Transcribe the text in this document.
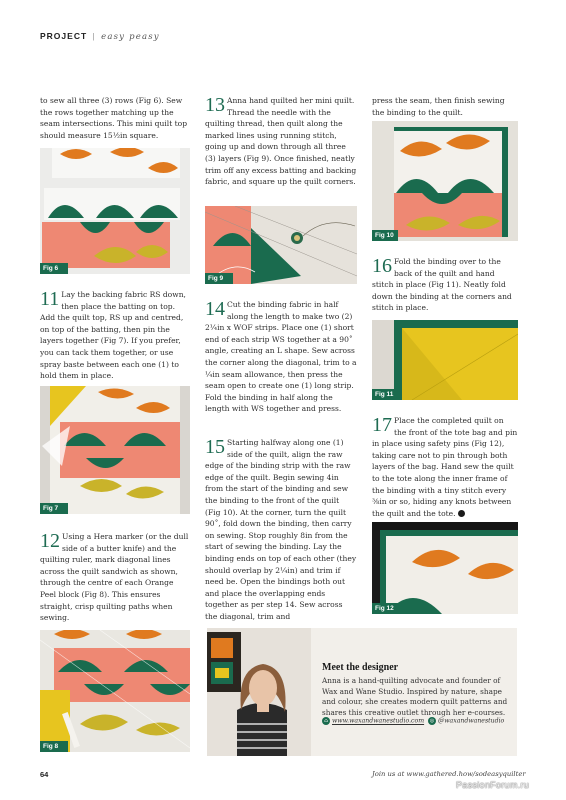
PROJECT | easy peasy
to sew all three (3) rows (Fig 6). Sew the rows together matching up the seam intersections. This mini quilt top should measure 15½in square.
Fig 6
11 Lay the backing fabric RS down, then place the batting on top. Add the quilt top, RS up and centred, on top of the batting, then pin the layers together (Fig 7). If you prefer, you can tack them together, or use spray baste between each one (1) to hold them in place.
Fig 7
12 Using a Hera marker (or the dull side of a butter knife) and the quilting ruler, mark diagonal lines across the quilt sandwich as shown, through the centre of each Orange Peel block (Fig 8). This ensures straight, crisp quilting paths when sewing.
Fig 8
13 Anna hand quilted her mini quilt. Thread the needle with the quilting thread, then quilt along the marked lines using running stitch, going up and down through all three (3) layers (Fig 9). Once finished, neatly trim off any excess batting and backing fabric, and square up the quilt corners.
Fig 9
14 Cut the binding fabric in half along the length to make two (2) 2¼in x WOF strips. Place one (1) short end of each strip WS together at a 90˚ angle, creating an L shape. Sew across the corner along the diagonal, trim to a ¼in seam allowance, then press the seam open to create one (1) long strip. Fold the binding in half along the length with WS together and press.
15 Starting halfway along one (1) side of the quilt, align the raw edge of the binding strip with the raw edge of the quilt. Begin sewing 4in from the start of the binding and sew the binding to the front of the quilt (Fig 10). At the corner, turn the quilt 90˚, fold down the binding, then carry on sewing. Stop roughly 8in from the start of sewing the binding. Lay the binding ends on top of each other (they should overlap by 2¼in) and trim if need be. Open the bindings both out and place the overlapping ends together as per step 14. Sew across the diagonal, trim and
press the seam, then finish sewing the binding to the quilt.
Fig 10
16 Fold the binding over to the back of the quilt and hand stitch in place (Fig 11). Neatly fold down the binding at the corners and stitch in place.
Fig 11
17 Place the completed quilt on the front of the tote bag and pin in place using safety pins (Fig 12), taking care not to pin through both layers of the bag. Hand sew the quilt to the tote along the inner frame of the binding with a tiny stitch every ⅜in or so, hiding any knots between the quilt and the tote.
Fig 12
Meet the designer
Anna is a hand-quilting advocate and founder of Wax and Wane Studio. Inspired by nature, shape and colour, she creates modern quilt patterns and shares this creative outlet through her e-courses.
⌂ www.waxandwanestudio.com ◎ @waxandwanestudio
64	Join us at www.gathered.how/sodeasyquilter
PassionForum.ru
